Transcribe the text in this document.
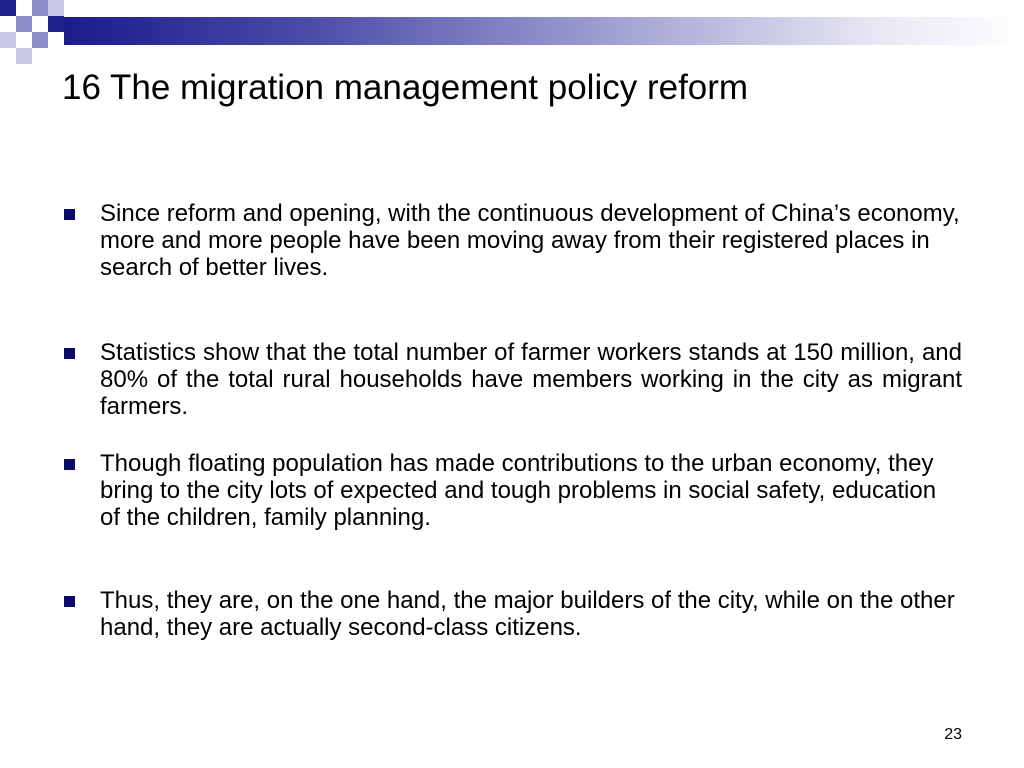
16 The migration management policy reform

Since reform and opening, with the continuous development of China’s economy, more and more people have been moving away from their registered places in search of better lives.

Statistics show that the total number of farmer workers stands at 150 million, and 80% of the total rural households have members working in the city as migrant farmers.

Though floating population has made contributions to the urban economy, they bring to the city lots of expected and tough problems in social safety, education of the children, family planning.

Thus, they are, on the one hand, the major builders of the city, while on the other hand, they are actually second-class citizens.

23
